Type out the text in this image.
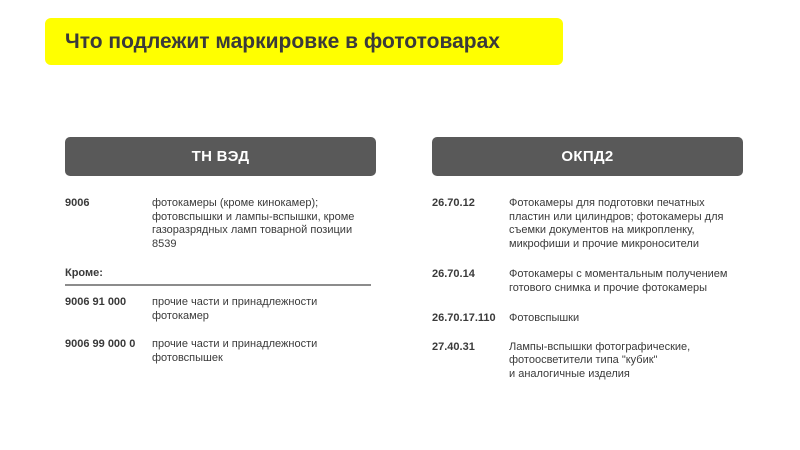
Что подлежит маркировке в фототоварах
ТН ВЭД	ОКПД2
9006	фотокамеры (кроме кинокамер);
фотовспышки и лампы-вспышки, кроме
газоразрядных ламп товарной позиции
8539
Кроме:
9006 91 000	прочие части и принадлежности
фотокамер
9006 99 000 0	прочие части и принадлежности
фотовспышек
26.70.12	Фотокамеры для подготовки печатных
пластин или цилиндров; фотокамеры для
съемки документов на микропленку,
микрофиши и прочие микроносители
26.70.14	Фотокамеры с моментальным получением
готового снимка и прочие фотокамеры
26.70.17.110	Фотовспышки
27.40.31	Лампы-вспышки фотографические,
фотоосветители типа "кубик"
и аналогичные изделия
